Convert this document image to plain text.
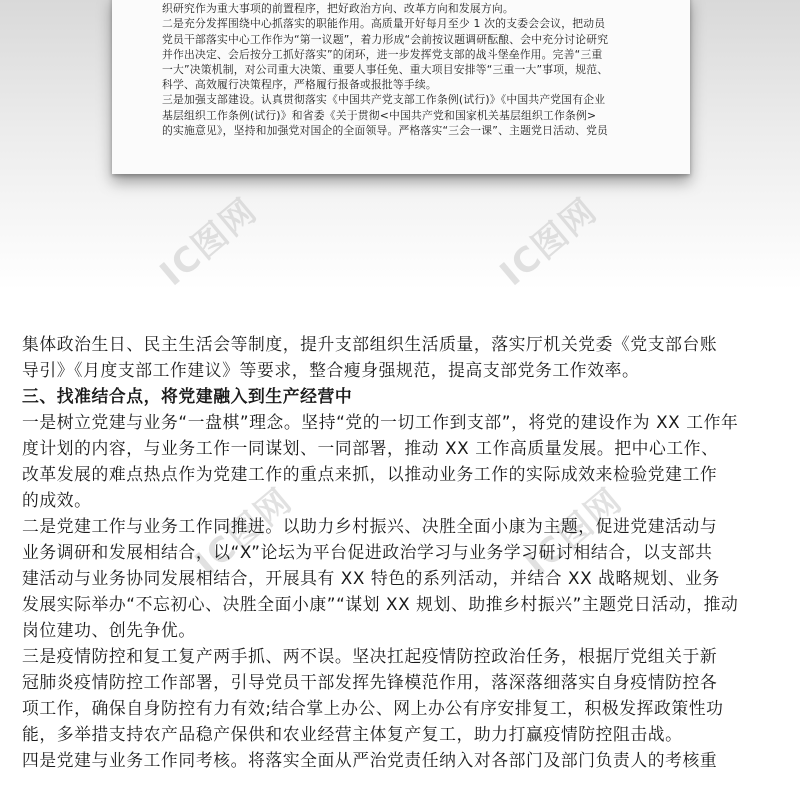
织研究作为重大事项的前置程序，把好政治方向、改革方向和发展方向。

二是充分发挥围绕中心抓落实的职能作用。高质量开好每月至少 1 次的支委会会议，把动员

党员干部落实中心工作作为“第一议题”，着力形成“会前按议题调研酝酿、会中充分讨论研究

并作出决定、会后按分工抓好落实”的闭环，进一步发挥党支部的战斗堡垒作用。完善“三重

一大”决策机制，对公司重大决策、重要人事任免、重大项目安排等“三重一大”事项，规范、

科学、高效履行决策程序，严格履行报备或报批等手续。

三是加强支部建设。认真贯彻落实《中国共产党支部工作条例(试行)》《中国共产党国有企业

基层组织工作条例(试行)》和省委《关于贯彻<中国共产党和国家机关基层组织工作条例>

的实施意见》，坚持和加强党对国企的全面领导。严格落实“三会一课”、主题党日活动、党员

IC图网	IC图网
IC图网	IC图网

集体政治生日、民主生活会等制度，提升支部组织生活质量，落实厅机关党委《党支部台账

导引》《月度支部工作建议》等要求，整合瘦身强规范，提高支部党务工作效率。

三、找准结合点，将党建融入到生产经营中

一是树立党建与业务“一盘棋”理念。坚持“党的一切工作到支部”，将党的建设作为 XX 工作年

度计划的内容，与业务工作一同谋划、一同部署，推动 XX 工作高质量发展。把中心工作、

改革发展的难点热点作为党建工作的重点来抓，以推动业务工作的实际成效来检验党建工作

的成效。

二是党建工作与业务工作同推进。以助力乡村振兴、决胜全面小康为主题，促进党建活动与

业务调研和发展相结合，以“X”论坛为平台促进政治学习与业务学习研讨相结合，以支部共

建活动与业务协同发展相结合，开展具有 XX 特色的系列活动，并结合 XX 战略规划、业务

发展实际举办“不忘初心、决胜全面小康”“谋划 XX 规划、助推乡村振兴”主题党日活动，推动

岗位建功、创先争优。

三是疫情防控和复工复产两手抓、两不误。坚决扛起疫情防控政治任务，根据厅党组关于新

冠肺炎疫情防控工作部署，引导党员干部发挥先锋模范作用，落深落细落实自身疫情防控各

项工作，确保自身防控有力有效;结合掌上办公、网上办公有序安排复工，积极发挥政策性功

能，多举措支持农产品稳产保供和农业经营主体复产复工，助力打赢疫情防控阻击战。

四是党建与业务工作同考核。将落实全面从严治党责任纳入对各部门及部门负责人的考核重
